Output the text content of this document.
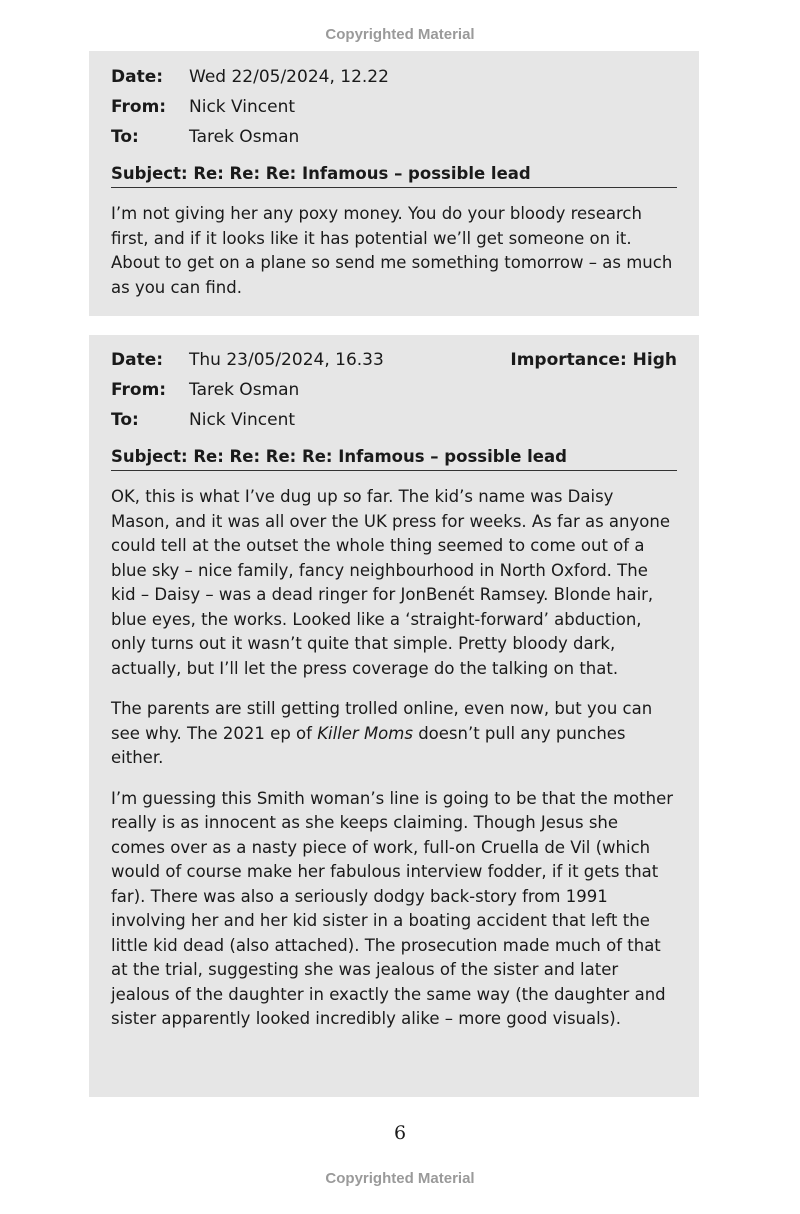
Copyrighted Material
Date: Wed 22/05/2024, 12.22
From: Nick Vincent
To:	Tarek Osman
Subject: Re: Re: Re: Infamous – possible lead

I’m not giving her any poxy money. You do your bloody research first, and if it looks like it has potential we’ll get someone on it. About to get on a plane so send me something tomorrow – as much as you can find.

Date: Thu 23/05/2024, 16.33	Importance: High
From: Tarek Osman
To:	Nick Vincent
Subject: Re: Re: Re: Re: Infamous – possible lead

OK, this is what I’ve dug up so far. The kid’s name was Daisy Mason, and it was all over the UK press for weeks. As far as anyone could tell at the outset the whole thing seemed to come out of a blue sky – nice family, fancy neighbourhood in North Oxford. The kid – Daisy – was a dead ringer for JonBenét Ramsey. Blonde hair, blue eyes, the works. Looked like a ‘straight-forward’ abduction, only turns out it wasn’t quite that simple. Pretty bloody dark, actually, but I’ll let the press coverage do the talking on that.

The parents are still getting trolled online, even now, but you can see why. The 2021 ep of Killer Moms doesn’t pull any punches either.

I’m guessing this Smith woman’s line is going to be that the mother really is as innocent as she keeps claiming. Though Jesus she comes over as a nasty piece of work, full-on Cruella de Vil (which would of course make her fabulous interview fodder, if it gets that far). There was also a seriously dodgy back-story from 1991 involving her and her kid sister in a boating accident that left the little kid dead (also attached). The prosecution made much of that at the trial, suggesting she was jealous of the sister and later jealous of the daughter in exactly the same way (the daughter and sister apparently looked incredibly alike – more good visuals).

6
Copyrighted Material
